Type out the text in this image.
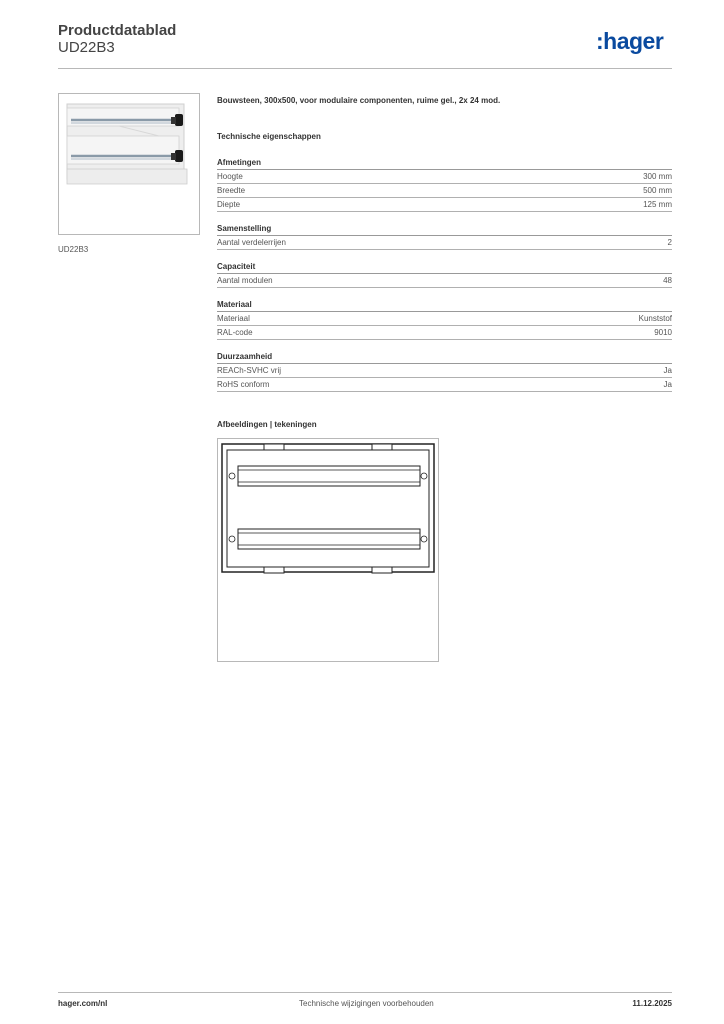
Productdatablad
UD22B3	:hager
UD22B3
Bouwsteen, 300x500, voor modulaire componenten, ruime gel., 2x 24 mod.
Technische eigenschappen
Afmetingen
Hoogte	300 mm
Breedte	500 mm
Diepte	125 mm
Samenstelling
Aantal verdelerrijen	2
Capaciteit
Aantal modulen	48
Materiaal
Materiaal	Kunststof
RAL-code	9010
Duurzaamheid
REACh-SVHC vrij	Ja
RoHS conform	Ja
Afbeeldingen | tekeningen
hager.com/nl	Technische wijzigingen voorbehouden	11.12.2025
